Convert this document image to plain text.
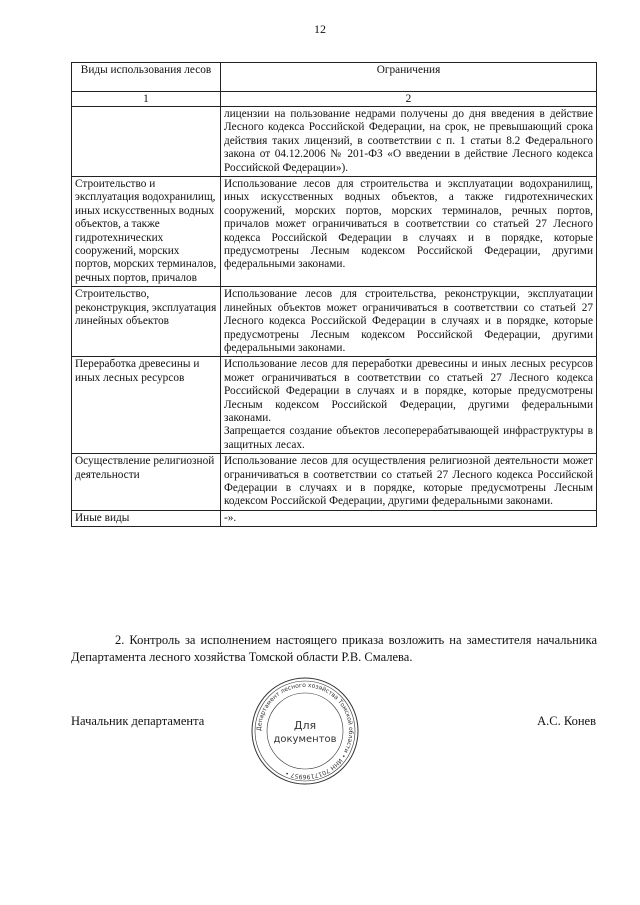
12
Виды использования лесов	Ограничения
1	2
	лицензии на пользование недрами получены до дня введения в действие Лесного кодекса Российской Федерации, на срок, не превышающий срока действия таких лицензий, в соответствии с п. 1 статьи 8.2 Федерального закона от 04.12.2006 № 201-ФЗ «О введении в действие Лесного кодекса Российской Федерации»).
Строительство и эксплуатация водохранилищ, иных искусственных водных объектов, а также гидротехнических сооружений, морских портов, морских терминалов, речных портов, причалов	Использование лесов для строительства и эксплуатации водохранилищ, иных искусственных водных объектов, а также гидротехнических сооружений, морских портов, морских терминалов, речных портов, причалов может ограничиваться в соответствии со статьей 27 Лесного кодекса Российской Федерации в случаях и в порядке, которые предусмотрены Лесным кодексом Российской Федерации, другими федеральными законами.

Строительство, реконструкция, эксплуатация линейных объектов	Использование лесов для строительства, реконструкции, эксплуатации линейных объектов может ограничиваться в соответствии со статьей 27 Лесного кодекса Российской Федерации в случаях и в порядке, которые предусмотрены Лесным кодексом Российской Федерации, другими федеральными законами.

Переработка древесины и иных лесных ресурсов	Использование лесов для переработки древесины и иных лесных ресурсов может ограничиваться в соответствии со статьей 27 Лесного кодекса Российской Федерации в случаях и в порядке, которые предусмотрены Лесным кодексом Российской Федерации, другими федеральными законами.
Запрещается создание объектов лесоперерабатывающей инфраструктуры в защитных лесах.

Осуществление религиозной деятельности	Использование лесов для осуществления религиозной деятельности может ограничиваться в соответствии со статьей 27 Лесного кодекса Российской Федерации в случаях и в порядке, которые предусмотрены Лесным кодексом Российской Федерации, другими федеральными законами.

Иные виды	-».

2. Контроль за исполнением настоящего приказа возложить на заместителя начальника Департамента лесного хозяйства Томской области Р.В. Смалева.

Начальник департамента
Департамент лесного хозяйства Томской области • ИНН 7017196957 •
Для
документов
А.С. Конев
